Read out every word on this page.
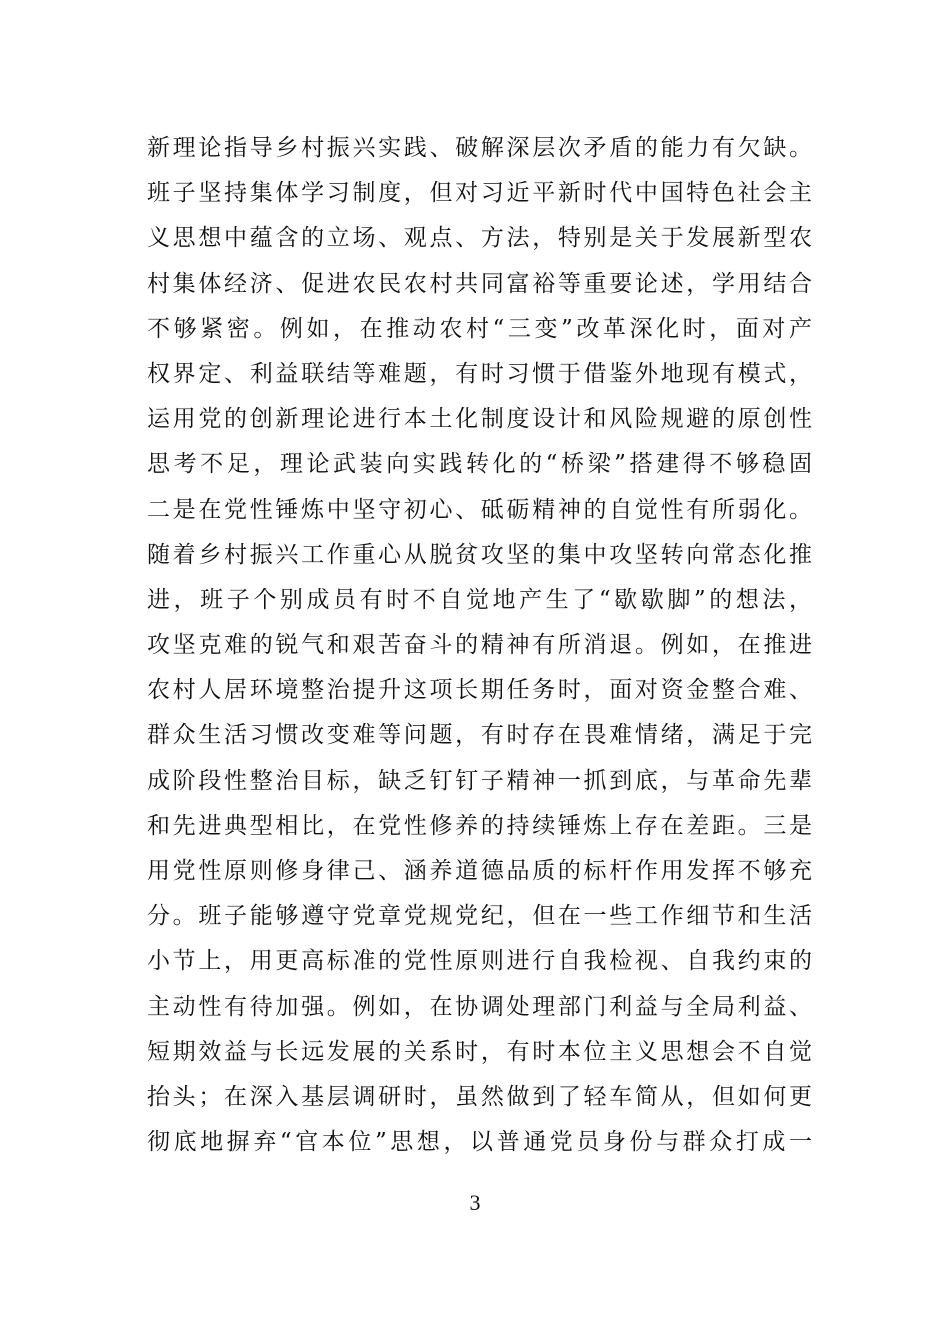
新理论指导乡村振兴实践、破解深层次矛盾的能力有欠缺。
班子坚持集体学习制度，但对习近平新时代中国特色社会主
义思想中蕴含的立场、观点、方法，特别是关于发展新型农
村集体经济、促进农民农村共同富裕等重要论述，学用结合
不够紧密。例如，在推动农村“三变”改革深化时，面对产
权界定、利益联结等难题，有时习惯于借鉴外地现有模式，
运用党的创新理论进行本土化制度设计和风险规避的原创性
思考不足，理论武装向实践转化的“桥梁”搭建得不够稳固
二是在党性锤炼中坚守初心、砥砺精神的自觉性有所弱化。
随着乡村振兴工作重心从脱贫攻坚的集中攻坚转向常态化推
进，班子个别成员有时不自觉地产生了“歇歇脚”的想法，
攻坚克难的锐气和艰苦奋斗的精神有所消退。例如，在推进
农村人居环境整治提升这项长期任务时，面对资金整合难、
群众生活习惯改变难等问题，有时存在畏难情绪，满足于完
成阶段性整治目标，缺乏钉钉子精神一抓到底，与革命先辈
和先进典型相比，在党性修养的持续锤炼上存在差距。三是
用党性原则修身律己、涵养道德品质的标杆作用发挥不够充
分。班子能够遵守党章党规党纪，但在一些工作细节和生活
小节上，用更高标准的党性原则进行自我检视、自我约束的
主动性有待加强。例如，在协调处理部门利益与全局利益、
短期效益与长远发展的关系时，有时本位主义思想会不自觉
抬头；在深入基层调研时，虽然做到了轻车简从，但如何更
彻底地摒弃“官本位”思想，以普通党员身份与群众打成一
3
